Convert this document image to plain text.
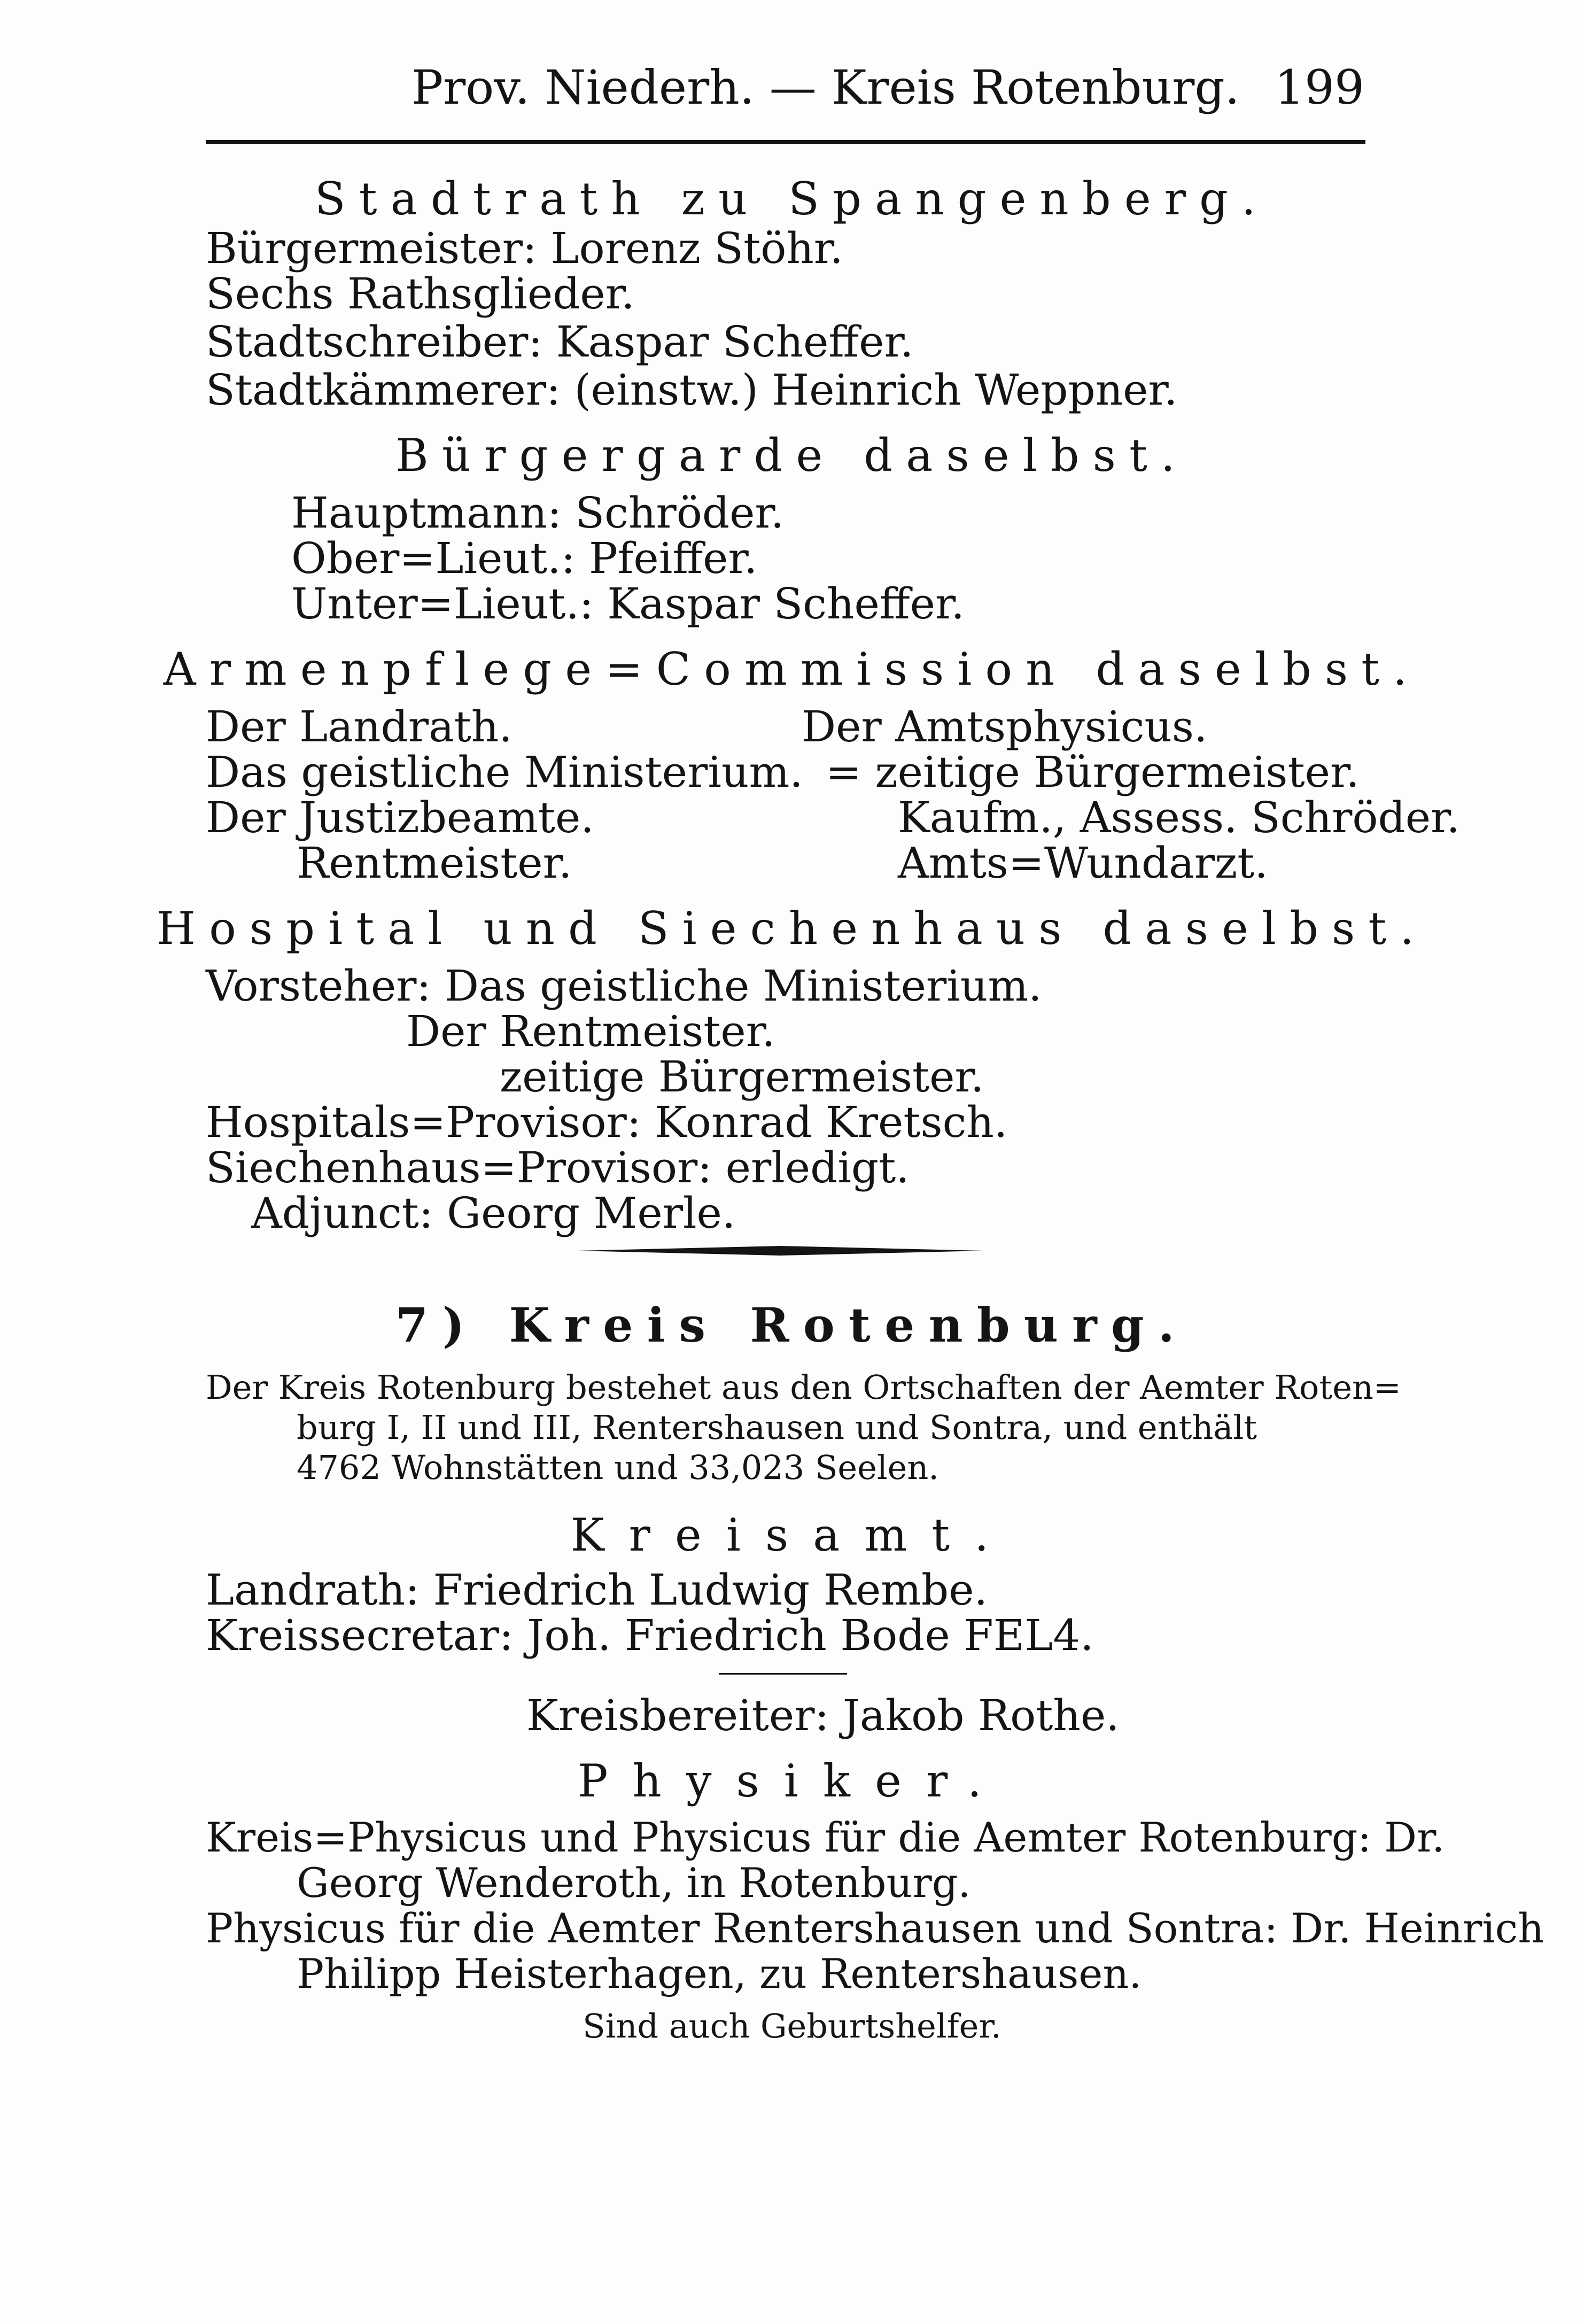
Prov. Niederh. — Kreis Rotenburg. 199
Stadtrath zu Spangenberg.
Bürgermeister: Lorenz Stöhr.
Sechs Rathsglieder.
Stadtschreiber: Kaspar Scheffer.
Stadtkämmerer: (einstw.) Heinrich Weppner.
Bürgergarde daselbst.
Hauptmann: Schröder.
Ober=Lieut.: Pfeiffer.
Unter=Lieut.: Kaspar Scheffer.
Armenpflege=Commission daselbst.
Der Landrath.
Das geistliche Ministerium.
Der Justizbeamte.
Rentmeister.
Der Amtsphysicus.
= zeitige Bürgermeister.
Kaufm., Assess. Schröder.
Amts=Wundarzt.
Hospital und Siechenhaus daselbst.
Vorsteher: Das geistliche Ministerium.
Der Rentmeister.
zeitige Bürgermeister.
Hospitals=Provisor: Konrad Kretsch.
Siechenhaus=Provisor: erledigt.
Adjunct: Georg Merle.
7) Kreis Rotenburg.
Der Kreis Rotenburg bestehet aus den Ortschaften der Aemter Roten=
burg I, II und III, Rentershausen und Sontra, und enthält
4762 Wohnstätten und 33,023 Seelen.
Kreisamt.
Landrath: Friedrich Ludwig Rembe.
Kreissecretar: Joh. Friedrich Bode FEL4.
Kreisbereiter: Jakob Rothe.
Physiker.
Kreis=Physicus und Physicus für die Aemter Rotenburg: Dr.
Georg Wenderoth, in Rotenburg.
Physicus für die Aemter Rentershausen und Sontra: Dr. Heinrich
Philipp Heisterhagen, zu Rentershausen.
Sind auch Geburtshelfer.
